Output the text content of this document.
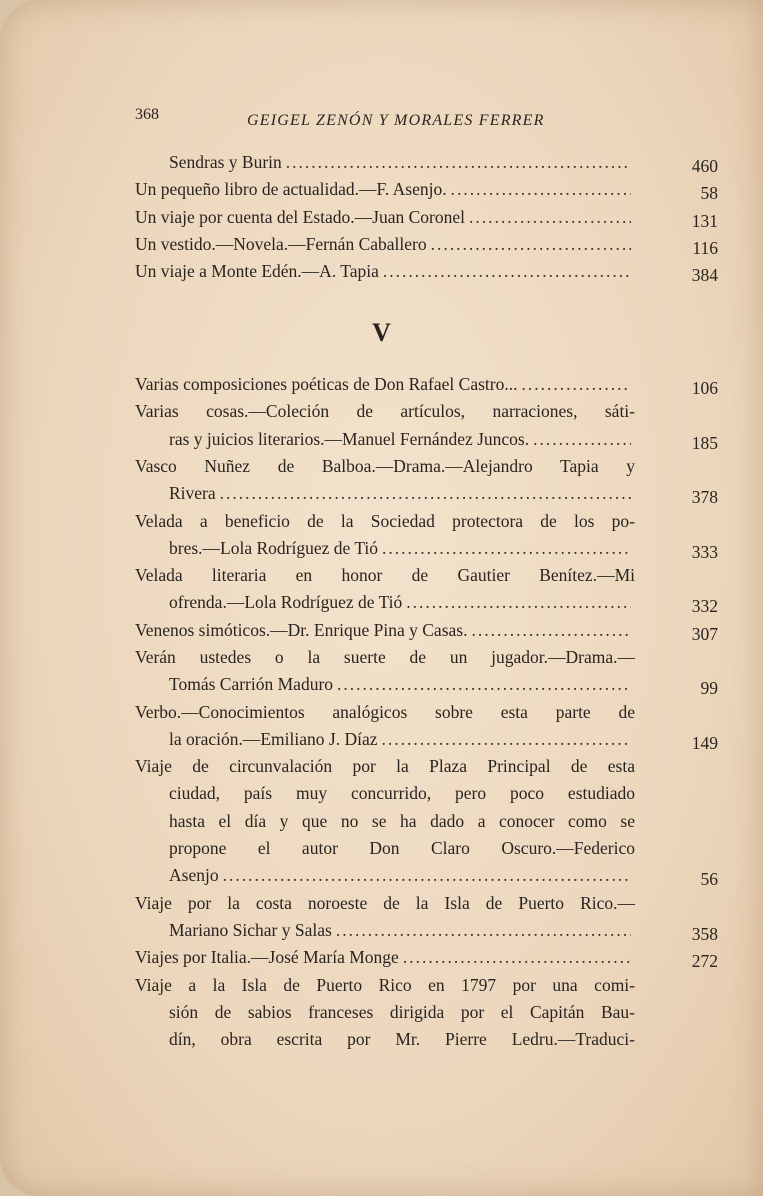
368	GEIGEL ZENÓN Y MORALES FERRER
V
460
Sendras y Burin
.....
58
Un pequeño libro de actualidad.—F. Asenjo.
.....
131
Un viaje por cuenta del Estado.—Juan Coronel
.....
116
Un vestido.—Novela.—Fernán Caballero
.....
384
Un viaje a Monte Edén.—A. Tapia
.....
106
Varias composiciones poéticas de Don Rafael Castro...
.....
Varias cosas.—Coleción de artículos, narraciones, sáti-
185
ras y juicios literarios.—Manuel Fernández Juncos.
.....
Vasco Nuñez de Balboa.—Drama.—Alejandro Tapia y
378
Rivera
.....
Velada a beneficio de la Sociedad protectora de los po-
333
bres.—Lola Rodríguez de Tió
.....
Velada literaria en honor de Gautier Benítez.—Mi
332
ofrenda.—Lola Rodríguez de Tió
.....
307
Venenos simóticos.—Dr. Enrique Pina y Casas.
.....
Verán ustedes o la suerte de un jugador.—Drama.—
99
Tomás Carrión Maduro
.....
Verbo.—Conocimientos analógicos sobre esta parte de
149
la oración.—Emiliano J. Díaz
.....
Viaje de circunvalación por la Plaza Principal de esta
ciudad, país muy concurrido, pero poco estudiado
hasta el día y que no se ha dado a conocer como se
propone el autor Don Claro Oscuro.—Federico
56
Asenjo
.....
Viaje por la costa noroeste de la Isla de Puerto Rico.—
358
Mariano Sichar y Salas
.....
272
Viajes por Italia.—José María Monge
.....
Viaje a la Isla de Puerto Rico en 1797 por una comi-
sión de sabios franceses dirigida por el Capitán Bau-
dín, obra escrita por Mr. Pierre Ledru.—Traduci-
